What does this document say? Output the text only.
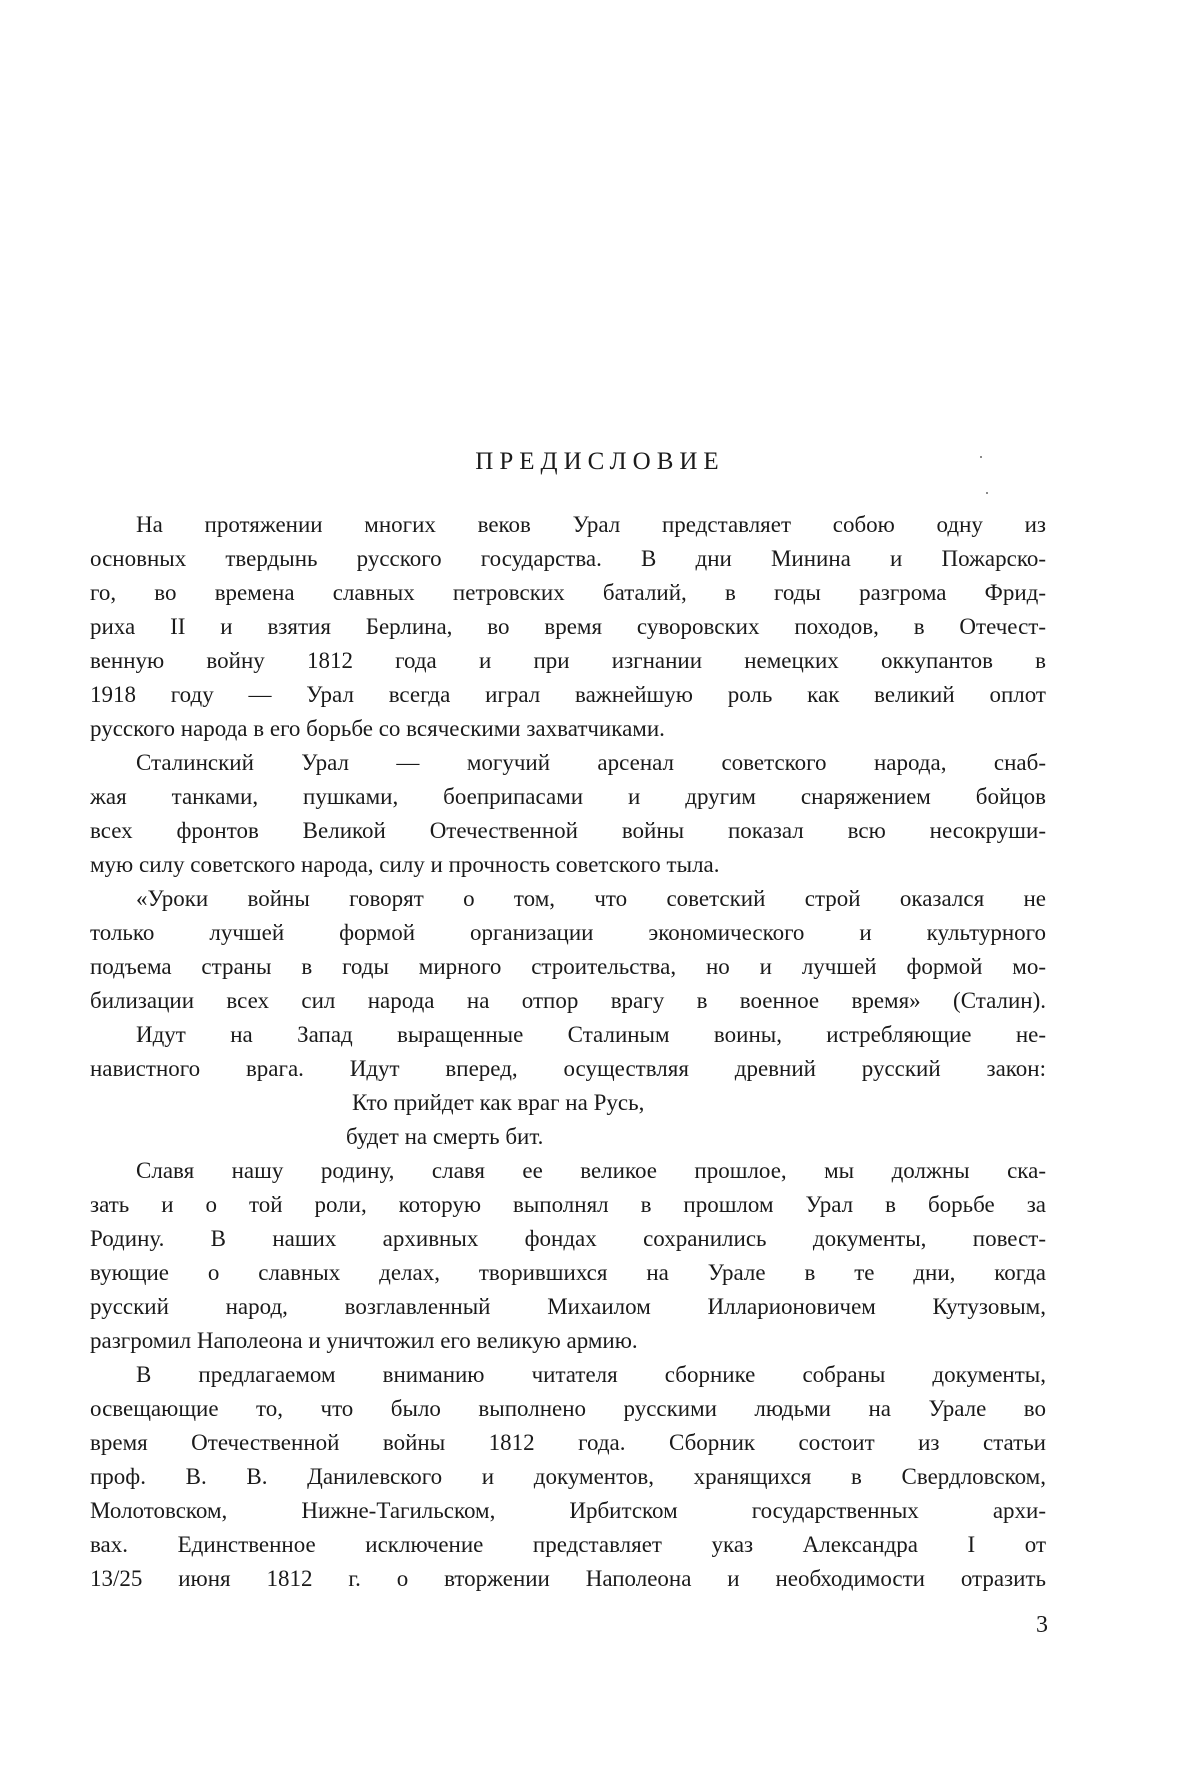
ПРЕДИСЛОВИЕ
На протяжении многих веков Урал представляет собою одну из
основных твердынь русского государства. В дни Минина и Пожарско-
го, во времена славных петровских баталий, в годы разгрома Фрид-
риха II и взятия Берлина, во время суворовских походов, в Отечест-
венную войну 1812 года и при изгнании немецких оккупантов в
1918 году — Урал всегда играл важнейшую роль как великий оплот
русского народа в его борьбе со всяческими захватчиками.
Сталинский Урал — могучий арсенал советского народа, снаб-
жая танками, пушками, боеприпасами и другим снаряжением бойцов
всех фронтов Великой Отечественной войны показал всю несокруши-
мую силу советского народа, силу и прочность советского тыла.
«Уроки войны говорят о том, что советский строй оказался не
только лучшей формой организации экономического и культурного
подъема страны в годы мирного строительства, но и лучшей формой мо-
билизации всех сил народа на отпор врагу в военное время» (Сталин).
Идут на Запад выращенные Сталиным воины, истребляющие не-
навистного врага. Идут вперед, осуществляя древний русский закон:
Кто прийдет как враг на Русь,
будет на смерть бит.
Славя нашу родину, славя ее великое прошлое, мы должны ска-
зать и о той роли, которую выполнял в прошлом Урал в борьбе за
Родину. В наших архивных фондах сохранились документы, повест-
вующие о славных делах, творившихся на Урале в те дни, когда
русский народ, возглавленный Михаилом Илларионовичем Кутузовым,
разгромил Наполеона и уничтожил его великую армию.
В предлагаемом вниманию читателя сборнике собраны документы,
освещающие то, что было выполнено русскими людьми на Урале во
время Отечественной войны 1812 года. Сборник состоит из статьи
проф. В. В. Данилевского и документов, хранящихся в Свердловском,
Молотовском, Нижне-Тагильском, Ирбитском государственных архи-
вах. Единственное исключение представляет указ Александра I от
13/25 июня 1812 г. о вторжении Наполеона и необходимости отразить
3
